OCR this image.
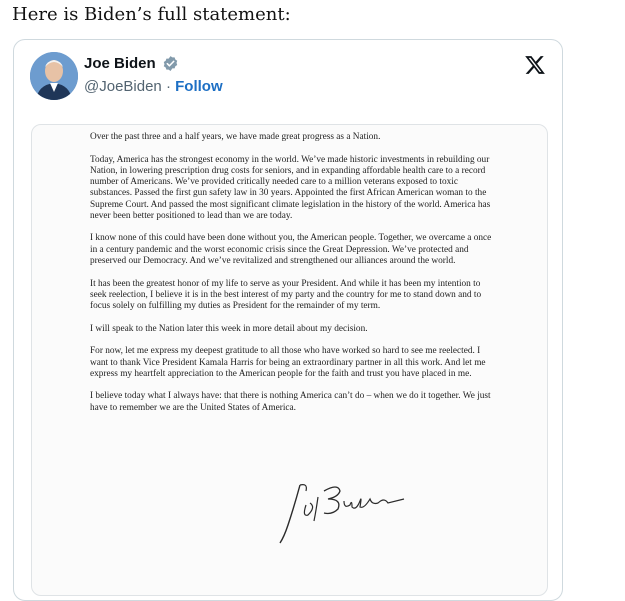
Here is Biden’s full statement:
Joe Biden
@JoeBiden · Follow

Over the past three and a half years, we have made great progress as a Nation.

Today, America has the strongest economy in the world. We’ve made historic investments in rebuilding our Nation, in lowering prescription drug costs for seniors, and in expanding affordable health care to a record number of Americans. We’ve provided critically needed care to a million veterans exposed to toxic substances. Passed the first gun safety law in 30 years. Appointed the first African American woman to the Supreme Court. And passed the most significant climate legislation in the history of the world. America has never been better positioned to lead than we are today.

I know none of this could have been done without you, the American people. Together, we overcame a once in a century pandemic and the worst economic crisis since the Great Depression. We’ve protected and preserved our Democracy. And we’ve revitalized and strengthened our alliances around the world.

It has been the greatest honor of my life to serve as your President. And while it has been my intention to seek reelection, I believe it is in the best interest of my party and the country for me to stand down and to focus solely on fulfilling my duties as President for the remainder of my term.

I will speak to the Nation later this week in more detail about my decision.

For now, let me express my deepest gratitude to all those who have worked so hard to see me reelected. I want to thank Vice President Kamala Harris for being an extraordinary partner in all this work. And let me express my heartfelt appreciation to the American people for the faith and trust you have placed in me.

I believe today what I always have: that there is nothing America can’t do – when we do it together. We just have to remember we are the United States of America.
